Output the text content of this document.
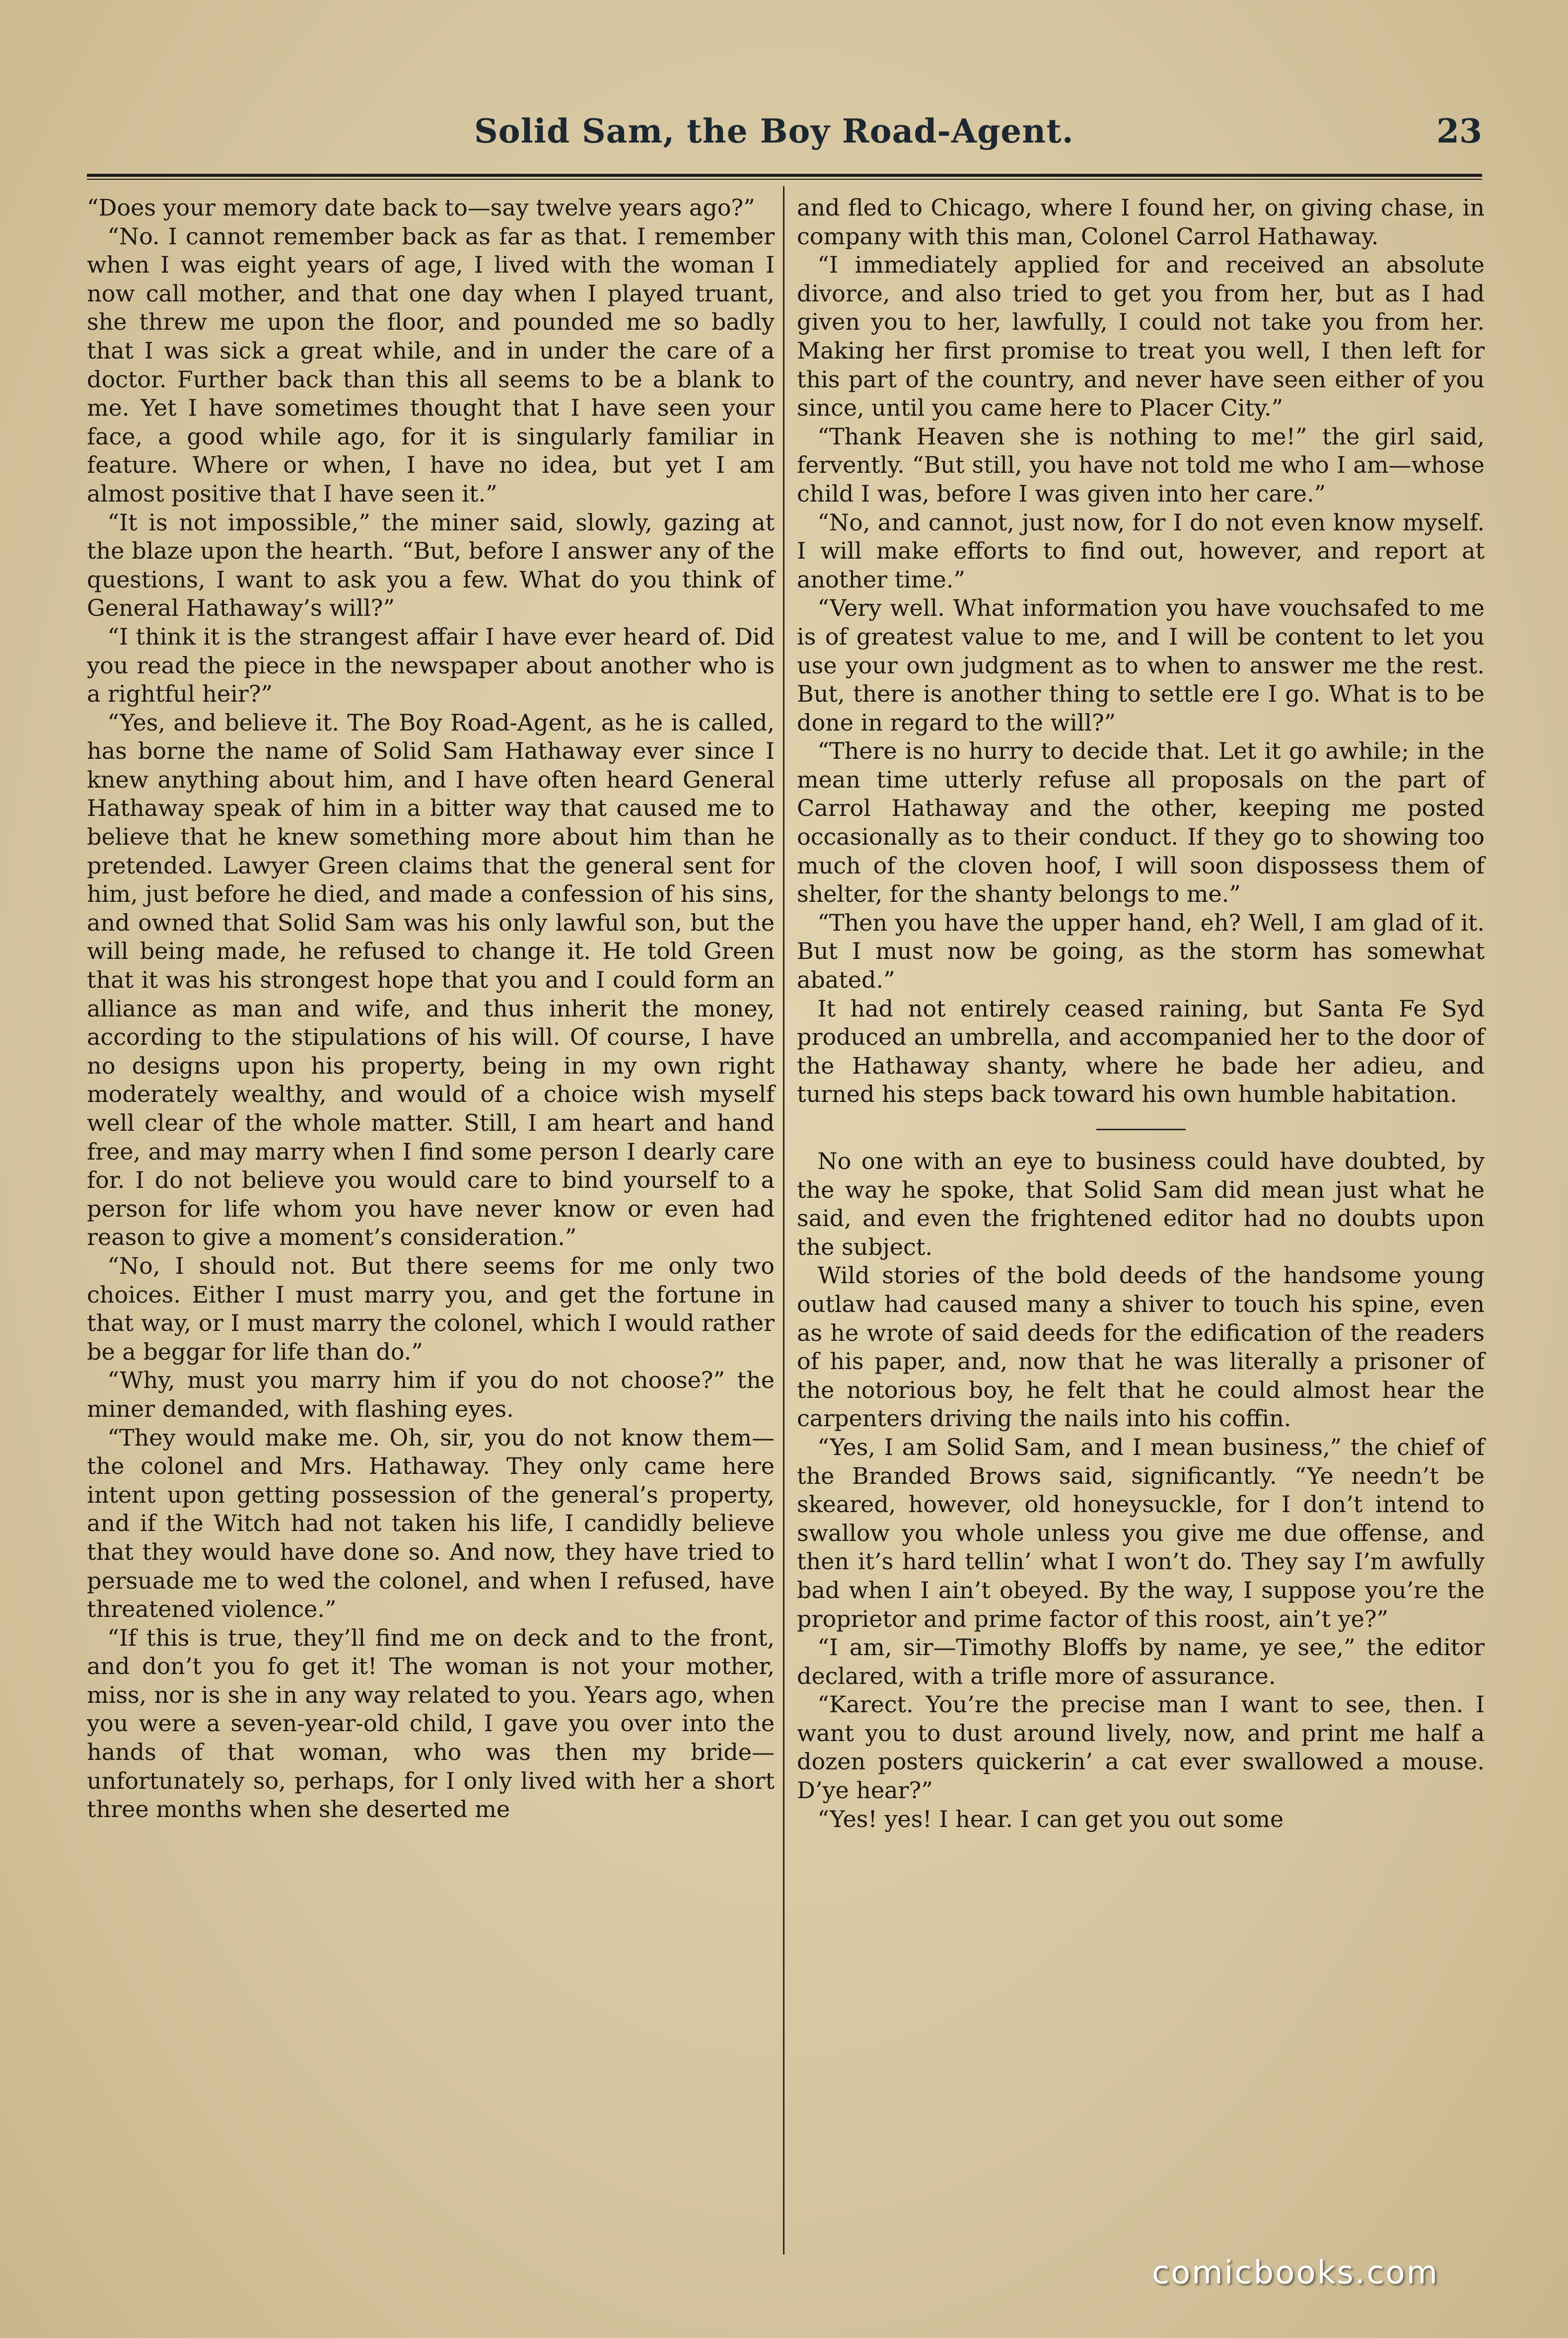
Solid Sam, the Boy Road-Agent.	23

“Does your memory date back to—say twelve years ago?”

“No. I cannot remember back as far as that. I remember when I was eight years of age, I lived with the woman I now call mother, and that one day when I played truant, she threw me upon the floor, and pounded me so badly that I was sick a great while, and in under the care of a doctor. Further back than this all seems to be a blank to me. Yet I have sometimes thought that I have seen your face, a good while ago, for it is singularly familiar in feature. Where or when, I have no idea, but yet I am almost positive that I have seen it.”

“It is not impossible,” the miner said, slowly, gazing at the blaze upon the hearth. “But, before I answer any of the questions, I want to ask you a few. What do you think of General Hathaway’s will?”

“I think it is the strangest affair I have ever heard of. Did you read the piece in the newspaper about another who is a rightful heir?”

“Yes, and believe it. The Boy Road-Agent, as he is called, has borne the name of Solid Sam Hathaway ever since I knew anything about him, and I have often heard General Hathaway speak of him in a bitter way that caused me to believe that he knew something more about him than he pretended. Lawyer Green claims that the general sent for him, just before he died, and made a confession of his sins, and owned that Solid Sam was his only lawful son, but the will being made, he refused to change it. He told Green that it was his strongest hope that you and I could form an alliance as man and wife, and thus inherit the money, according to the stipulations of his will. Of course, I have no designs upon his property, being in my own right moderately wealthy, and would of a choice wish myself well clear of the whole matter. Still, I am heart and hand free, and may marry when I find some person I dearly care for. I do not believe you would care to bind yourself to a person for life whom you have never know or even had reason to give a moment’s consideration.”

“No, I should not. But there seems for me only two choices. Either I must marry you, and get the fortune in that way, or I must marry the colonel, which I would rather be a beggar for life than do.”

“Why, must you marry him if you do not choose?” the miner demanded, with flashing eyes.

“They would make me. Oh, sir, you do not know them—the colonel and Mrs. Hathaway. They only came here intent upon getting possession of the general’s property, and if the Witch had not taken his life, I candidly believe that they would have done so. And now, they have tried to persuade me to wed the colonel, and when I refused, have threatened violence.”

“If this is true, they’ll find me on deck and to the front, and don’t you fo get it! The woman is not your mother, miss, nor is she in any way related to you. Years ago, when you were a seven-year-old child, I gave you over into the hands of that woman, who was then my bride—unfortunately so, perhaps, for I only lived with her a short three months when she deserted me

and fled to Chicago, where I found her, on giving chase, in company with this man, Colonel Carrol Hathaway.

“I immediately applied for and received an absolute divorce, and also tried to get you from her, but as I had given you to her, lawfully, I could not take you from her. Making her first promise to treat you well, I then left for this part of the country, and never have seen either of you since, until you came here to Placer City.”

“Thank Heaven she is nothing to me!” the girl said, fervently. “But still, you have not told me who I am—whose child I was, before I was given into her care.”

“No, and cannot, just now, for I do not even know myself. I will make efforts to find out, however, and report at another time.”

“Very well. What information you have vouchsafed to me is of greatest value to me, and I will be content to let you use your own judgment as to when to answer me the rest. But, there is another thing to settle ere I go. What is to be done in regard to the will?”

“There is no hurry to decide that. Let it go awhile; in the mean time utterly refuse all proposals on the part of Carrol Hathaway and the other, keeping me posted occasionally as to their conduct. If they go to showing too much of the cloven hoof, I will soon dispossess them of shelter, for the shanty belongs to me.”

“Then you have the upper hand, eh? Well, I am glad of it. But I must now be going, as the storm has somewhat abated.”

It had not entirely ceased raining, but Santa Fe Syd produced an umbrella, and accompanied her to the door of the Hathaway shanty, where he bade her adieu, and turned his steps back toward his own humble habitation.

No one with an eye to business could have doubted, by the way he spoke, that Solid Sam did mean just what he said, and even the frightened editor had no doubts upon the subject.

Wild stories of the bold deeds of the handsome young outlaw had caused many a shiver to touch his spine, even as he wrote of said deeds for the edification of the readers of his paper, and, now that he was literally a prisoner of the notorious boy, he felt that he could almost hear the carpenters driving the nails into his coffin.

“Yes, I am Solid Sam, and I mean business,” the chief of the Branded Brows said, significantly. “Ye needn’t be skeared, however, old honeysuckle, for I don’t intend to swallow you whole unless you give me due offense, and then it’s hard tellin’ what I won’t do. They say I’m awfully bad when I ain’t obeyed. By the way, I suppose you’re the proprietor and prime factor of this roost, ain’t ye?”

“I am, sir—Timothy Bloffs by name, ye see,” the editor declared, with a trifle more of assurance.

“Karect. You’re the precise man I want to see, then. I want you to dust around lively, now, and print me half a dozen posters quickerin’ a cat ever swallowed a mouse. D’ye hear?”

“Yes! yes! I hear. I can get you out some

comicbooks.com
